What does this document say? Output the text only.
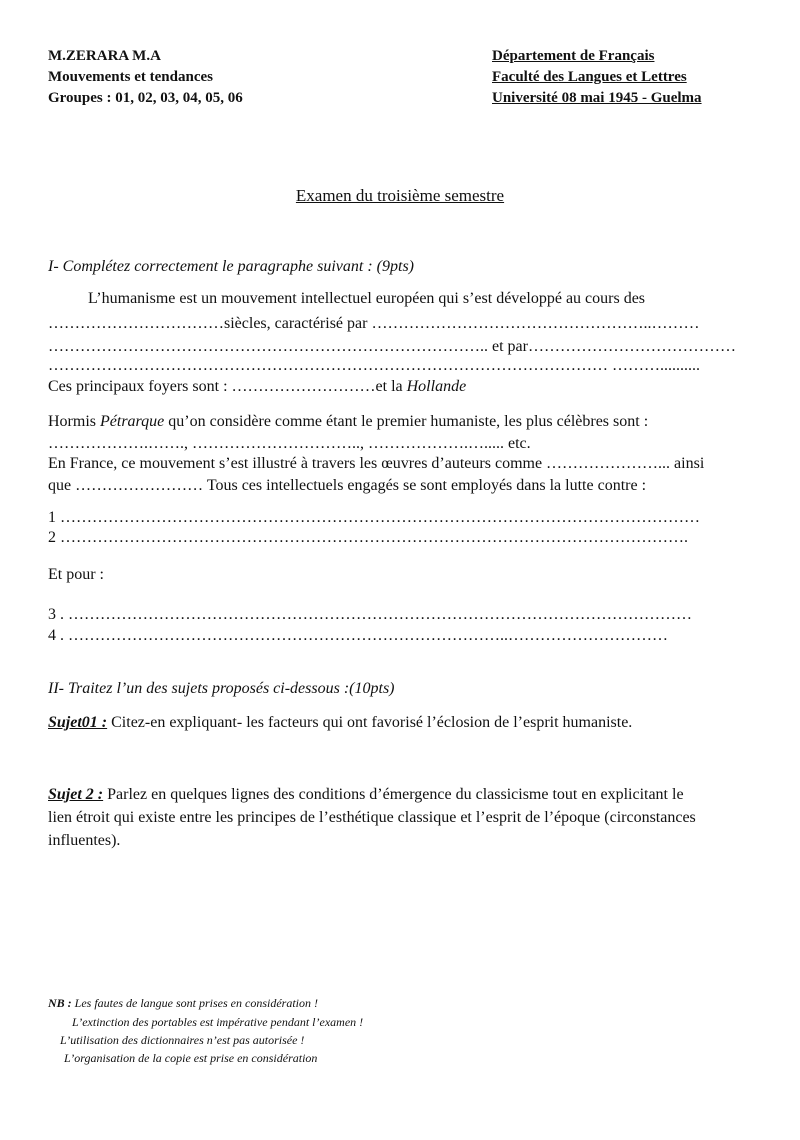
M.ZERARA M.A
Mouvements et tendances
Groupes : 01, 02, 03, 04, 05, 06
Département de Français
Faculté des Langues et Lettres
Université 08 mai 1945 - Guelma
Examen du troisième semestre
I- Complétez correctement le paragraphe suivant : (9pts)
L’humanisme est un mouvement intellectuel européen qui s’est développé au cours des
……………………………siècles, caractérisé par ……………………………………………..………
……………………………………………………………………….. et par…………………………………
…………………………………………………………………………………………… ………..........
Ces principaux foyers sont : ………………………et la Hollande
Hormis Pétrarque qu’on considère comme étant le premier humaniste, les plus célèbres sont :
……………….……., ………………………….., ……………….…..... etc.
En France, ce mouvement s’est illustré à travers les œuvres d’auteurs comme …………………... ainsi
que …………………… Tous ces intellectuels engagés se sont employés dans la lutte contre :
1 …………………………………………………………………………………………………………
2 ……………………………………………………………………………………………………….
Et pour :
3 . ………………………………………………………………………………………………………
4 . ………………………………………………………………………..…………………………
II- Traitez l’un des sujets proposés ci-dessous :(10pts)
Sujet01 : Citez-en expliquant- les facteurs qui ont favorisé l’éclosion de l’esprit humaniste.
Sujet 2 : Parlez en quelques lignes des conditions d’émergence du classicisme tout en explicitant le lien étroit qui existe entre les principes de l’esthétique classique et l’esprit de l’époque (circonstances influentes).
NB : Les fautes de langue sont prises en considération !
L’extinction des portables est impérative pendant l’examen !
L’utilisation des dictionnaires n’est pas autorisée !
L’organisation de la copie est prise en considération
